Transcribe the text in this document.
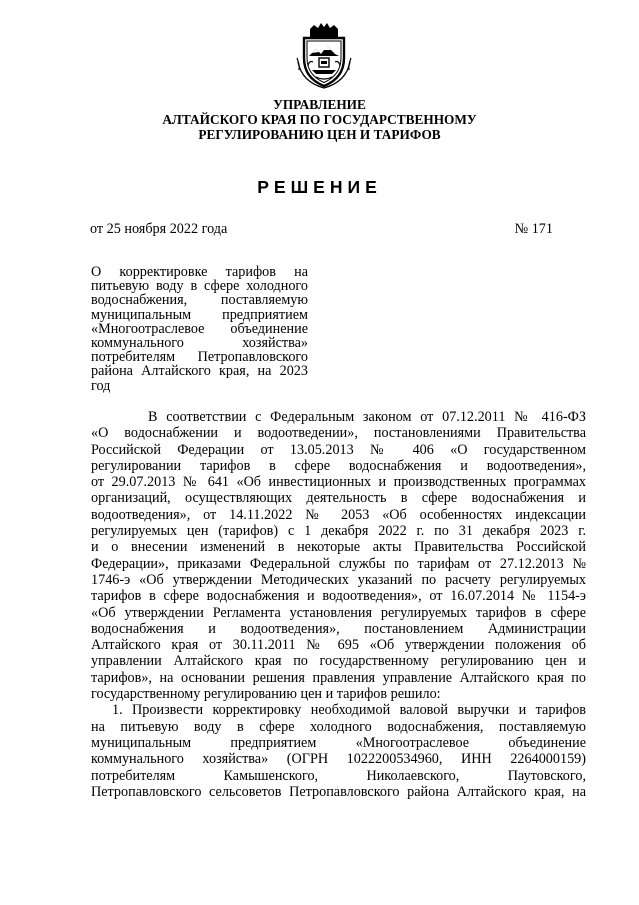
УПРАВЛЕНИЕ
АЛТАЙСКОГО КРАЯ ПО ГОСУДАРСТВЕННОМУ
РЕГУЛИРОВАНИЮ ЦЕН И ТАРИФОВ
РЕШЕНИЕ
от 25 ноября 2022 года	№ 171
О корректировке тарифов на
питьевую воду в сфере холодного
водоснабжения, поставляемую
муниципальным предприятием
«Многоотраслевое объединение
коммунального хозяйства»
потребителям Петропавловского
района Алтайского края, на 2023
год
В соответствии с Федеральным законом от 07.12.2011 № 416-ФЗ
«О водоснабжении и водоотведении», постановлениями Правительства
Российской Федерации от 13.05.2013 № 406 «О государственном
регулировании тарифов в сфере водоснабжения и водоотведения»,
от 29.07.2013 № 641 «Об инвестиционных и производственных программах
организаций, осуществляющих деятельность в сфере водоснабжения и
водоотведения», от 14.11.2022 № 2053 «Об особенностях индексации
регулируемых цен (тарифов) с 1 декабря 2022 г. по 31 декабря 2023 г.
и о внесении изменений в некоторые акты Правительства Российской
Федерации», приказами Федеральной службы по тарифам от 27.12.2013 №
1746-э «Об утверждении Методических указаний по расчету регулируемых
тарифов в сфере водоснабжения и водоотведения», от 16.07.2014 № 1154-э
«Об утверждении Регламента установления регулируемых тарифов в сфере
водоснабжения и водоотведения», постановлением Администрации
Алтайского края от 30.11.2011 № 695 «Об утверждении положения об
управлении Алтайского края по государственному регулированию цен и
тарифов», на основании решения правления управление Алтайского края по
государственному регулированию цен и тарифов решило:
1. Произвести корректировку необходимой валовой выручки и тарифов
на питьевую воду в сфере холодного водоснабжения, поставляемую
муниципальным предприятием «Многоотраслевое объединение
коммунального хозяйства» (ОГРН 1022200534960, ИНН 2264000159)
потребителям Камышенского, Николаевского, Паутовского,
Петропавловского сельсоветов Петропавловского района Алтайского края, на
